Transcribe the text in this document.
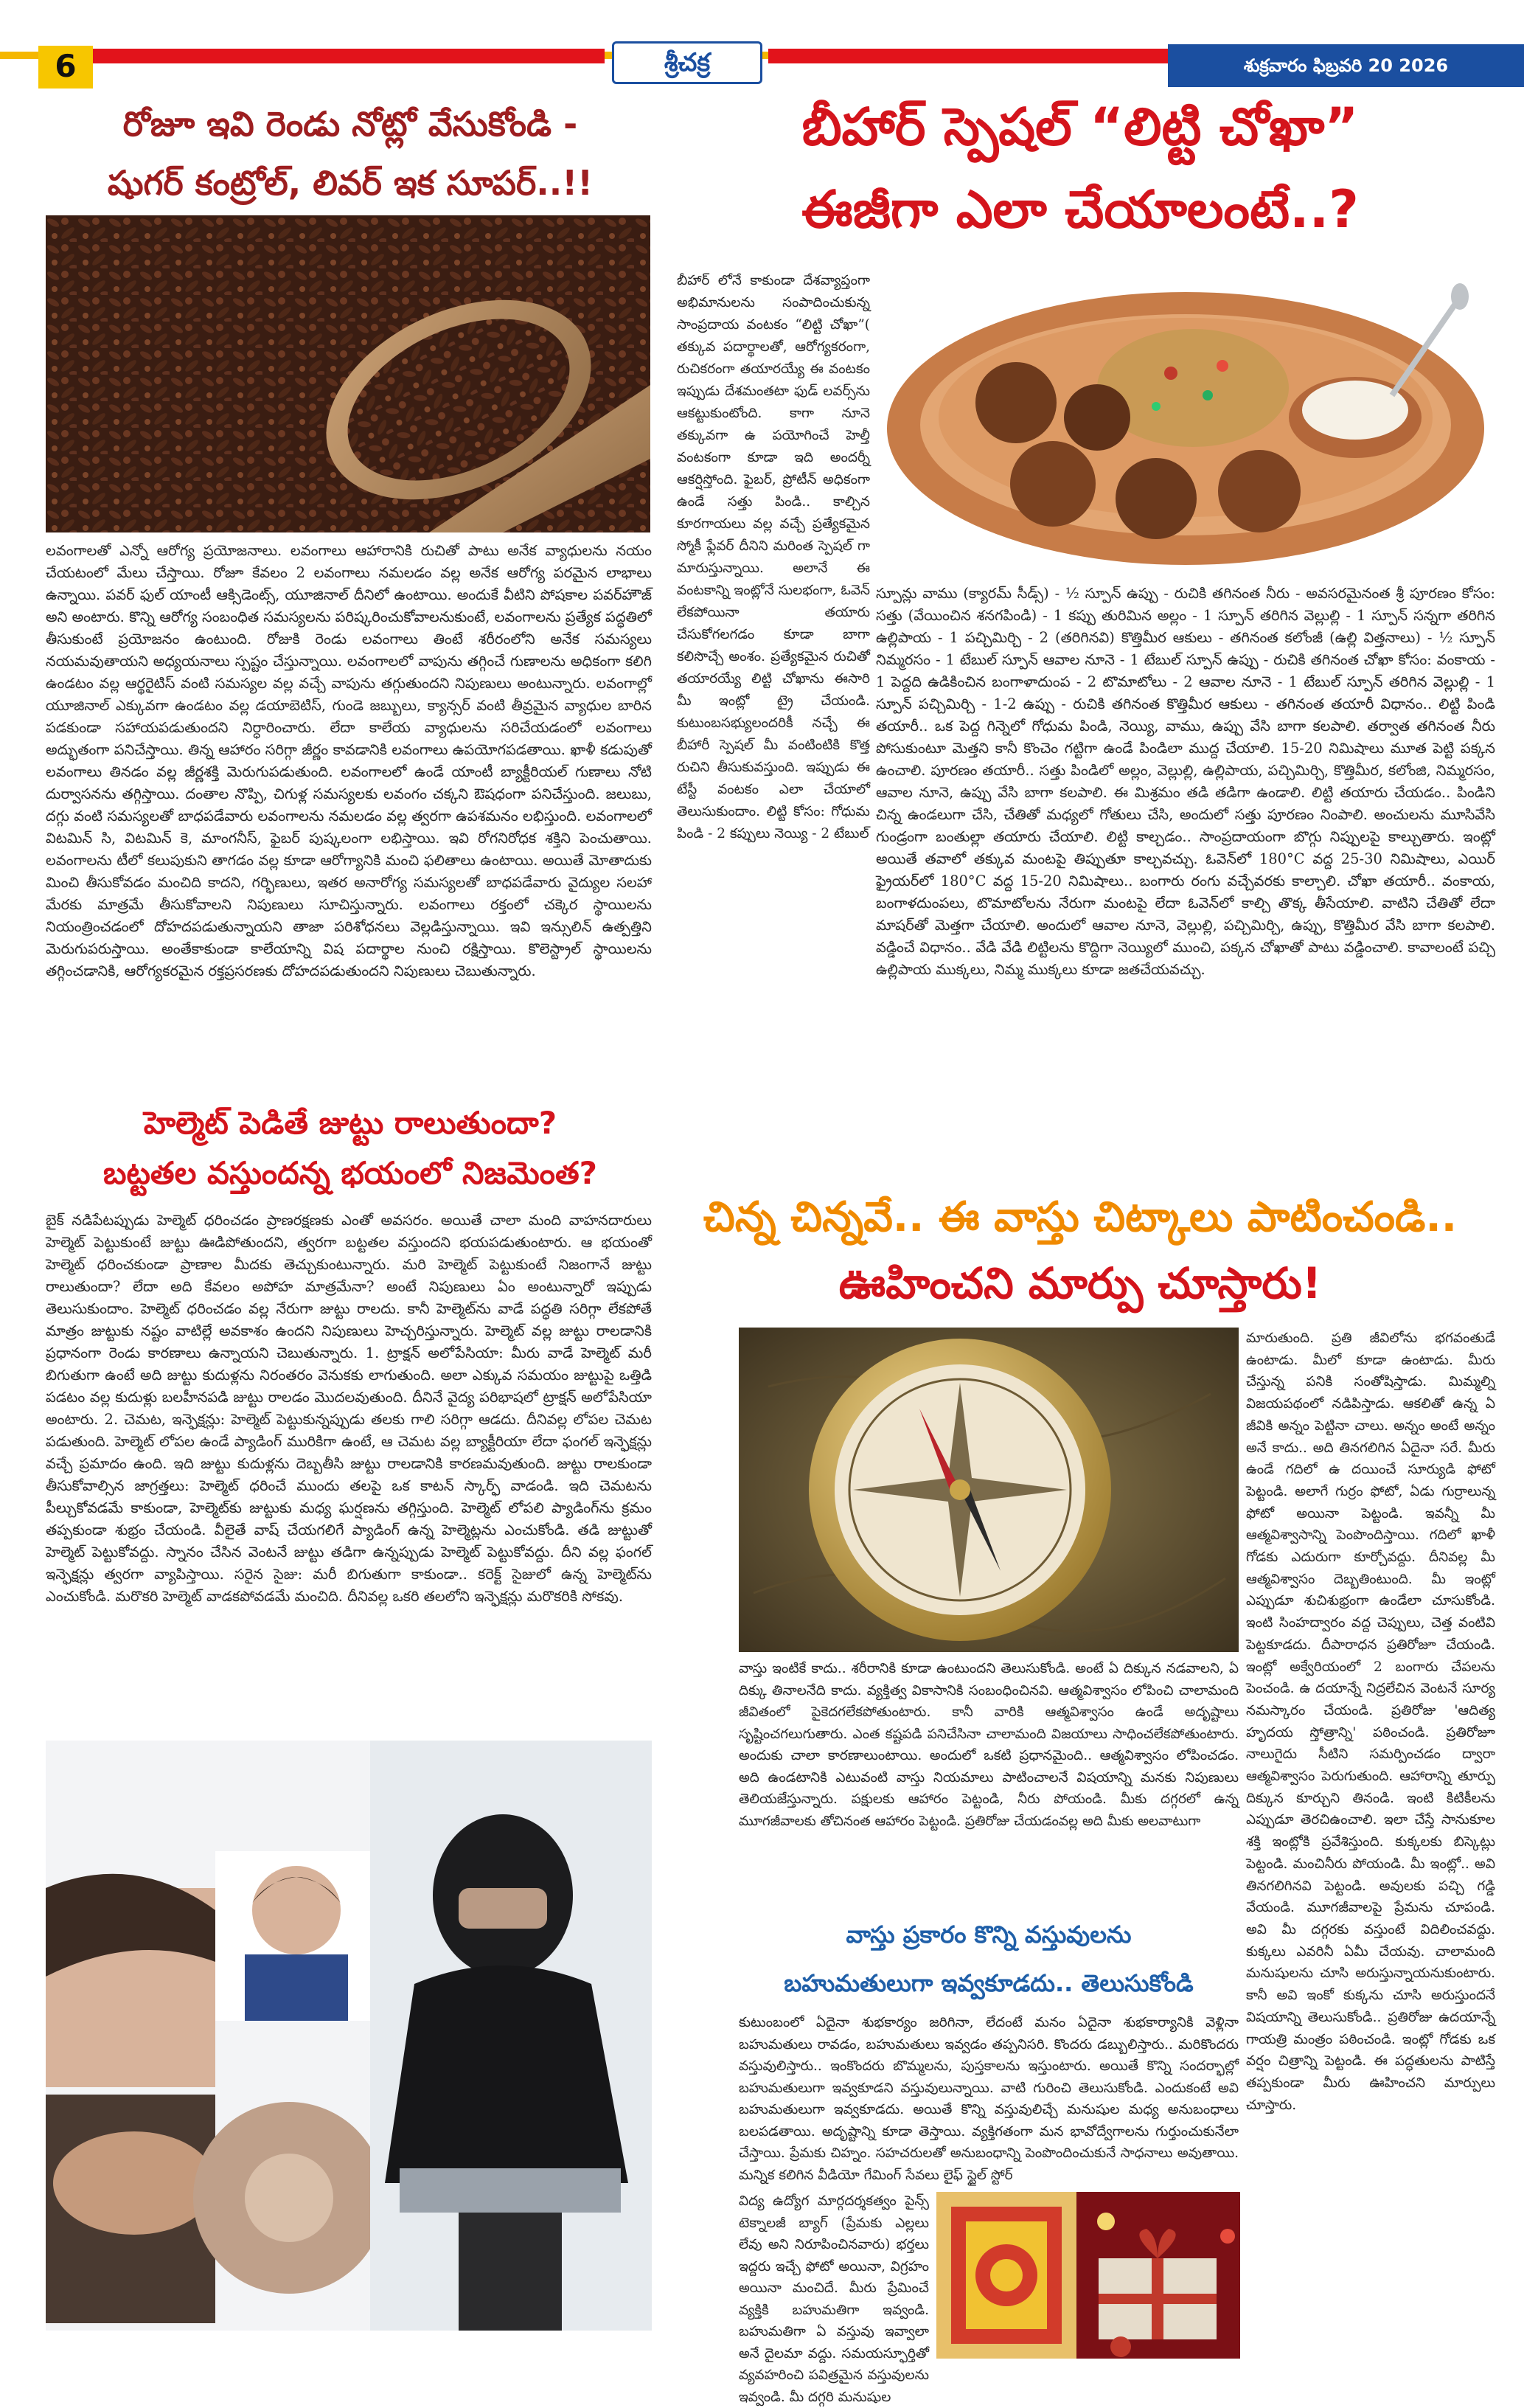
6	శ్రీచక్ర	శుక్రవారం ఫిబ్రవరి 20 2026
రోజూ ఇవి రెండు నోట్లో వేసుకోండి -
షుగర్ కంట్రోల్, లివర్ ఇక సూపర్..!!

లవంగాలతో ఎన్నో ఆరోగ్య ప్రయోజనాలు. లవంగాలు ఆహారానికి రుచితో పాటు అనేక వ్యాధులను నయం చేయటంలో మేలు చేస్తాయి. రోజూ కేవలం 2 లవంగాలు నమలడం వల్ల అనేక ఆరోగ్య పరమైన లాభాలు ఉన్నాయి. పవర్ ఫుల్ యాంటీ ఆక్సిడెంట్స్, యూజినాల్ దీనిలో ఉంటాయి. అందుకే వీటిని పోషకాల పవర్‌హౌజ్ అని అంటారు. కొన్ని ఆరోగ్య సంబంధిత సమస్యలను పరిష్కరించుకోవాలనుకుంటే, లవంగాలను ప్రత్యేక పద్ధతిలో తీసుకుంటే ప్రయోజనం ఉంటుంది. రోజుకి రెండు లవంగాలు తింటే శరీరంలోని అనేక సమస్యలు నయమవుతాయని అధ్యయనాలు స్పష్టం చేస్తున్నాయి. లవంగాలలో వాపును తగ్గించే గుణాలను అధికంగా కలిగి ఉండటం వల్ల ఆర్థరైటిస్ వంటి సమస్యల వల్ల వచ్చే వాపును తగ్గుతుందని నిపుణులు అంటున్నారు. లవంగాల్లో యూజినాల్ ఎక్కువగా ఉండటం వల్ల డయాబెటిస్, గుండె జబ్బులు, క్యాన్సర్ వంటి తీవ్రమైన వ్యాధుల బారిన పడకుండా సహాయపడుతుందని నిర్ధారించారు. లేదా కాలేయ వ్యాధులను సరిచేయడంలో లవంగాలు అద్భుతంగా పనిచేస్తాయి. తిన్న ఆహారం సరిగ్గా జీర్ణం కావడానికి లవంగాలు ఉపయోగపడతాయి. ఖాళీ కడుపుతో లవంగాలు తినడం వల్ల జీర్ణశక్తి మెరుగుపడుతుంది. లవంగాలలో ఉండే యాంటీ బ్యాక్టీరియల్ గుణాలు నోటి దుర్వాసనను తగ్గిస్తాయి. దంతాల నొప్పి, చిగుళ్ల సమస్యలకు లవంగం చక్కని ఔషధంగా పనిచేస్తుంది. జలుబు, దగ్గు వంటి సమస్యలతో బాధపడేవారు లవంగాలను నమలడం వల్ల త్వరగా ఉపశమనం లభిస్తుంది. లవంగాలలో విటమిన్ సి, విటమిన్ కె, మాంగనీస్, ఫైబర్ పుష్కలంగా లభిస్తాయి. ఇవి రోగనిరోధక శక్తిని పెంచుతాయి. లవంగాలను టీలో కలుపుకుని తాగడం వల్ల కూడా ఆరోగ్యానికి మంచి ఫలితాలు ఉంటాయి. అయితే మోతాదుకు మించి తీసుకోవడం మంచిది కాదని, గర్భిణులు, ఇతర అనారోగ్య సమస్యలతో బాధపడేవారు వైద్యుల సలహా మేరకు మాత్రమే తీసుకోవాలని నిపుణులు సూచిస్తున్నారు. లవంగాలు రక్తంలో చక్కెర స్థాయిలను నియంత్రించడంలో దోహదపడుతున్నాయని తాజా పరిశోధనలు వెల్లడిస్తున్నాయి. ఇవి ఇన్సులిన్ ఉత్పత్తిని మెరుగుపరుస్తాయి. అంతేకాకుండా కాలేయాన్ని విష పదార్థాల నుంచి రక్షిస్తాయి. కొలెస్ట్రాల్ స్థాయిలను తగ్గించడానికి, ఆరోగ్యకరమైన రక్తప్రసరణకు దోహదపడుతుందని నిపుణులు చెబుతున్నారు.

హెల్మెట్ పెడితే జుట్టు రాలుతుందా?
బట్టతల వస్తుందన్న భయంలో నిజమెంత?

బైక్ నడిపేటప్పుడు హెల్మెట్ ధరించడం ప్రాణరక్షణకు ఎంతో అవసరం. అయితే చాలా మంది వాహనదారులు హెల్మెట్ పెట్టుకుంటే జుట్టు ఊడిపోతుందని, త్వరగా బట్టతల వస్తుందని భయపడుతుంటారు. ఆ భయంతో హెల్మెట్ ధరించకుండా ప్రాణాల మీదకు తెచ్చుకుంటున్నారు. మరి హెల్మెట్ పెట్టుకుంటే నిజంగానే జుట్టు రాలుతుందా? లేదా అది కేవలం అపోహ మాత్రమేనా? అంటే నిపుణులు ఏం అంటున్నారో ఇప్పుడు తెలుసుకుందాం. హెల్మెట్ ధరించడం వల్ల నేరుగా జుట్టు రాలదు. కానీ హెల్మెట్‌ను వాడే పద్ధతి సరిగ్గా లేకపోతే మాత్రం జుట్టుకు నష్టం వాటిల్లే అవకాశం ఉందని నిపుణులు హెచ్చరిస్తున్నారు. హెల్మెట్ వల్ల జుట్టు రాలడానికి ప్రధానంగా రెండు కారణాలు ఉన్నాయని చెబుతున్నారు. 1. ట్రాక్షన్ అలోపేసియా: మీరు వాడే హెల్మెట్ మరీ బిగుతుగా ఉంటే అది జుట్టు కుదుళ్లను నిరంతరం వెనుకకు లాగుతుంది. అలా ఎక్కువ సమయం జుట్టుపై ఒత్తిడి పడటం వల్ల కుదుళ్లు బలహీనపడి జుట్టు రాలడం మొదలవుతుంది. దీనినే వైద్య పరిభాషలో ట్రాక్షన్ అలోపేసియా అంటారు. 2. చెమట, ఇన్ఫెక్షన్లు: హెల్మెట్ పెట్టుకున్నప్పుడు తలకు గాలి సరిగ్గా ఆడదు. దీనివల్ల లోపల చెమట పడుతుంది. హెల్మెట్ లోపల ఉండే ప్యాడింగ్ మురికిగా ఉంటే, ఆ చెమట వల్ల బ్యాక్టీరియా లేదా ఫంగల్ ఇన్ఫెక్షన్లు వచ్చే ప్రమాదం ఉంది. ఇది జుట్టు కుదుళ్లను దెబ్బతీసి జుట్టు రాలడానికి కారణమవుతుంది. జుట్టు రాలకుండా తీసుకోవాల్సిన జాగ్రత్తలు: హెల్మెట్ ధరించే ముందు తలపై ఒక కాటన్ స్కార్ఫ్ వాడండి. ఇది చెమటను పీల్చుకోవడమే కాకుండా, హెల్మెట్‌కు జుట్టుకు మధ్య ఘర్షణను తగ్గిస్తుంది. హెల్మెట్ లోపలి ప్యాడింగ్‌ను క్రమం తప్పకుండా శుభ్రం చేయండి. వీలైతే వాష్ చేయగలిగే ప్యాడింగ్ ఉన్న హెల్మెట్లను ఎంచుకోండి. తడి జుట్టుతో హెల్మెట్ పెట్టుకోవద్దు. స్నానం చేసిన వెంటనే జుట్టు తడిగా ఉన్నప్పుడు హెల్మెట్ పెట్టుకోవద్దు. దీని వల్ల ఫంగల్ ఇన్ఫెక్షన్లు త్వరగా వ్యాపిస్తాయి. సరైన సైజు: మరీ బిగుతుగా కాకుండా.. కరెక్ట్ సైజులో ఉన్న హెల్మెట్‌ను ఎంచుకోండి. మరొకరి హెల్మెట్ వాడకపోవడమే మంచిది. దీనివల్ల ఒకరి తలలోని ఇన్ఫెక్షన్లు మరొకరికి సోకవు.

బీహార్ స్పెషల్ “లిట్టి చోఖా”
ఈజీగా ఎలా చేయాలంటే..?

బీహార్ లోనే కాకుండా దేశవ్యాప్తంగా అభిమానులను సంపాదించుకున్న సాంప్రదాయ వంటకం “లిట్టి చోఖా”( తక్కువ పదార్థాలతో, ఆరోగ్యకరంగా, రుచికరంగా తయారయ్యే ఈ వంటకం ఇప్పుడు దేశమంతటా ఫుడ్ లవర్స్‌ను ఆకట్టుకుంటోంది. కాగా నూనె తక్కువగా ఉ పయోగించే హెల్తీ వంటకంగా కూడా ఇది అందర్నీ ఆకర్షిస్తోంది. ఫైబర్, ప్రోటీన్ అధికంగా ఉండే సత్తు పిండి.. కాల్చిన కూరగాయలు వల్ల వచ్చే ప్రత్యేకమైన స్మోకీ ఫ్లేవర్ దీనిని మరింత స్పెషల్ గా మారుస్తున్నాయి. అలానే ఈ వంటకాన్ని ఇంట్లోనే సులభంగా, ఓవెన్ లేకపోయినా తయారు చేసుకోగలగడం కూడా బాగా కలిసొచ్చే అంశం. ప్రత్యేకమైన రుచితో తయారయ్యే లిట్టి చోఖాను ఈసారి మీ ఇంట్లో ట్రై చేయండి. కుటుంబసభ్యులందరికీ నచ్చే ఈ బీహారీ స్పెషల్ మీ వంటింటికి కొత్త రుచిని తీసుకువస్తుంది. ఇప్పుడు ఈ టేస్టీ వంటకం ఎలా చేయాలో తెలుసుకుందాం. లిట్టి కోసం: గోధుమ పిండి - 2 కప్పులు నెయ్యి - 2 టేబుల్

స్పూన్లు వాము (క్యారమ్ సీడ్స్) - ½ స్పూన్ ఉప్పు - రుచికి తగినంత నీరు - అవసరమైనంత శ్రీ పూరణం కోసం: సత్తు (వేయించిన శనగపిండి) - 1 కప్పు తురిమిన అల్లం - 1 స్పూన్ తరిగిన వెల్లుల్లి - 1 స్పూన్ సన్నగా తరిగిన ఉల్లిపాయ - 1 పచ్చిమిర్చి - 2 (తరిగినవి) కొత్తిమీర ఆకులు - తగినంత కలోంజీ (ఉల్లి విత్తనాలు) - ½ స్పూన్ నిమ్మరసం - 1 టేబుల్ స్పూన్ ఆవాల నూనె - 1 టేబుల్ స్పూన్ ఉప్పు - రుచికి తగినంత చోఖా కోసం: వంకాయ - 1 పెద్దది ఉడికించిన బంగాళాదుంప - 2 టొమాటోలు - 2 ఆవాల నూనె - 1 టేబుల్ స్పూన్ తరిగిన వెల్లుల్లి - 1 స్పూన్ పచ్చిమిర్చి - 1-2 ఉప్పు - రుచికి తగినంత కొత్తిమీర ఆకులు - తగినంత తయారీ విధానం.. లిట్టి పిండి తయారీ.. ఒక పెద్ద గిన్నెలో గోధుమ పిండి, నెయ్యి, వాము, ఉప్పు వేసి బాగా కలపాలి. తర్వాత తగినంత నీరు పోసుకుంటూ మెత్తని కానీ కొంచెం గట్టిగా ఉండే పిండిలా ముద్ద చేయాలి. 15-20 నిమిషాలు మూత పెట్టి పక్కన ఉంచాలి. పూరణం తయారీ.. సత్తు పిండిలో అల్లం, వెల్లుల్లి, ఉల్లిపాయ, పచ్చిమిర్చి, కొత్తిమీర, కలోంజి, నిమ్మరసం, ఆవాల నూనె, ఉప్పు వేసి బాగా కలపాలి. ఈ మిశ్రమం తడి తడిగా ఉండాలి. లిట్టి తయారు చేయడం.. పిండిని చిన్న ఉండలుగా చేసి, చేతితో మధ్యలో గోతులు చేసి, అందులో సత్తు పూరణం నింపాలి. అంచులను మూసివేసి గుండ్రంగా బంతుల్లా తయారు చేయాలి. లిట్టి కాల్చడం.. సాంప్రదాయంగా బొగ్గు నిప్పులపై కాల్చుతారు. ఇంట్లో అయితే తవాలో తక్కువ మంటపై తిప్పుతూ కాల్చవచ్చు. ఓవెన్‌లో 180°C వద్ద 25-30 నిమిషాలు, ఎయిర్ ఫ్రైయర్‌లో 180°C వద్ద 15-20 నిమిషాలు.. బంగారు రంగు వచ్చేవరకు కాల్చాలి. చోఖా తయారీ.. వంకాయ, బంగాళదుంపలు, టొమాటోలను నేరుగా మంటపై లేదా ఓవెన్‌లో కాల్చి తొక్క తీసేయాలి. వాటిని చేతితో లేదా మాషర్‌తో మెత్తగా చేయాలి. అందులో ఆవాల నూనె, వెల్లుల్లి, పచ్చిమిర్చి, ఉప్పు, కొత్తిమీర వేసి బాగా కలపాలి. వడ్డించే విధానం.. వేడి వేడి లిట్టిలను కొద్దిగా నెయ్యిలో ముంచి, పక్కన చోఖాతో పాటు వడ్డించాలి. కావాలంటే పచ్చి ఉల్లిపాయ ముక్కలు, నిమ్మ ముక్కలు కూడా జతచేయవచ్చు.

చిన్న చిన్నవే.. ఈ వాస్తు చిట్కాలు పాటించండి..
ఊహించని మార్పు చూస్తారు!

వాస్తు ఇంటికే కాదు.. శరీరానికి కూడా ఉంటుందని తెలుసుకోండి. అంటే ఏ దిక్కున నడవాలని, ఏ దిక్కు తినాలనేది కాదు. వ్యక్తిత్వ వికాసానికి సంబంధించినవి. ఆత్మవిశ్వాసం లోపించి చాలామంది జీవితంలో పైకెదగలేకపోతుంటారు. కానీ వారికి ఆత్మవిశ్వాసం ఉండే అదృష్టాలు సృష్టించగలుగుతారు. ఎంత కష్టపడి పనిచేసినా చాలామంది విజయాలు సాధించలేకపోతుంటారు. అందుకు చాలా కారణాలుంటాయి. అందులో ఒకటి ప్రధానమైంది.. ఆత్మవిశ్వాసం లోపించడం. అది ఉండటానికి ఎటువంటి వాస్తు నియమాలు పాటించాలనే విషయాన్ని మనకు నిపుణులు తెలియజేస్తున్నారు. పక్షులకు ఆహారం పెట్టండి, నీరు పోయండి. మీకు దగ్గరలో ఉన్న మూగజీవాలకు తోచినంత ఆహారం పెట్టండి. ప్రతిరోజు చేయడంవల్ల అది మీకు అలవాటుగా

మారుతుంది. ప్రతి జీవిలోను భగవంతుడే ఉంటాడు. మీలో కూడా ఉంటాడు. మీరు చేస్తున్న పనికి సంతోషిస్తాడు. మిమ్మల్ని విజయపథంలో నడిపిస్తాడు. ఆకలితో ఉన్న ఏ జీవికి అన్నం పెట్టినా చాలు. అన్నం అంటే అన్నం అనే కాదు.. అది తినగలిగిన ఏదైనా సరే. మీరు ఉండే గదిలో ఉ దయించే సూర్యుడి ఫోటో పెట్టండి. అలాగే గుర్రం ఫోటో, ఏడు గుర్రాలున్న ఫోటో అయినా పెట్టండి. ఇవన్నీ మీ ఆత్మవిశ్వాసాన్ని పెంపొందిస్తాయి. గదిలో ఖాళీ గోడకు ఎదురుగా కూర్చోవద్దు. దీనివల్ల మీ ఆత్మవిశ్వాసం దెబ్బతింటుంది. మీ ఇంట్లో ఎప్పుడూ శుచిశుభ్రంగా ఉండేలా చూసుకోండి. ఇంటి సింహద్వారం వద్ద చెప్పులు, చెత్త వంటివి పెట్టకూడదు. దీపారాధన ప్రతిరోజూ చేయండి. ఇంట్లో అక్వేరియంలో 2 బంగారు చేపలను పెంచండి. ఉ దయాన్నే నిద్రలేచిన వెంటనే సూర్య నమస్కారం చేయండి. ప్రతిరోజు 'ఆదిత్య హృదయ స్తోత్రాన్ని' పఠించండి. ప్రతిరోజూ నాలుగైదు సీటిని సమర్పించడం ద్వారా ఆత్మవిశ్వాసం పెరుగుతుంది. ఆహారాన్ని తూర్పు దిక్కున కూర్చుని తినండి. ఇంటి కిటికీలను ఎప్పుడూ తెరచిఉంచాలి. ఇలా చేస్తే సానుకూల శక్తి ఇంట్లోకి ప్రవేశిస్తుంది. కుక్కలకు బిస్కెట్లు పెట్టండి. మంచినీరు పోయండి. మీ ఇంట్లో.. అవి తినగలిగినవి పెట్టండి. అవులకు పచ్చి గడ్డి వేయండి. మూగజీవాలపై ప్రేమను చూపండి. అవి మీ దగ్గరకు వస్తుంటే విదిలించవద్దు. కుక్కలు ఎవరినీ ఏమీ చేయవు. చాలామంది మనుషులను చూసి అరుస్తున్నాయనుకుంటారు. కానీ అవి ఇంకో కుక్కను చూసి అరుస్తుందనే విషయాన్ని తెలుసుకోండి.. ప్రతిరోజు ఉదయాన్నే గాయత్రి మంత్రం పఠించండి. ఇంట్లో గోడకు ఒక వర్షం చిత్రాన్ని పెట్టండి. ఈ పద్ధతులను పాటిస్తే తప్పకుండా మీరు ఊహించని మార్పులు చూస్తారు.

వాస్తు ప్రకారం కొన్ని వస్తువులను
బహుమతులుగా ఇవ్వకూడదు.. తెలుసుకోండి

కుటుంబంలో ఏదైనా శుభకార్యం జరిగినా, లేదంటే మనం ఏదైనా శుభకార్యానికి వెళ్లినా బహుమతులు రావడం, బహుమతులు ఇవ్వడం తప్పనిసరి. కొందరు డబ్బులిస్తారు.. మరికొందరు వస్తువులిస్తారు.. ఇంకొందరు బొమ్మలను, పుస్తకాలను ఇస్తుంటారు. అయితే కొన్ని సందర్భాల్లో బహుమతులుగా ఇవ్వకూడని వస్తువులున్నాయి. వాటి గురించి తెలుసుకోండి. ఎందుకంటే అవి బహుమతులుగా ఇవ్వకూడదు. అయితే కొన్ని వస్తువులిచ్చే మనుషుల మధ్య అనుబంధాలు బలపడతాయి. అదృష్టాన్ని కూడా తెస్తాయి. వ్యక్తిగతంగా మన భావోద్వేగాలను గుర్తుంచుకునేలా చేస్తాయి. ప్రేమకు చిహ్నం. సహచరులతో అనుబంధాన్ని పెంపొందించుకునే సాధనాలు అవుతాయి. మన్నిక కలిగిన వీడియో గేమింగ్ సేవలు లైఫ్ స్టైల్ స్టోర్

విద్య ఉద్యోగ మార్గదర్శకత్వం పైన్స్ టెక్నాలజీ బ్యాగ్ (ప్రేమకు ఎల్లలు లేవు అని నిరూపించినవారు) భర్తలు ఇద్దరు ఇచ్చే ఫోటో అయినా, విగ్రహం అయినా మంచిదే. మీరు ప్రేమించే వ్యక్తికి బహుమతిగా ఇవ్వండి. బహుమతిగా ఏ వస్తువు ఇవ్వాలా అనే దైలమా వద్దు. సమయస్ఫూర్తితో వ్యవహరించి పవిత్రమైన వస్తువులను ఇవ్వండి. మీ దగ్గరి మనుషుల
